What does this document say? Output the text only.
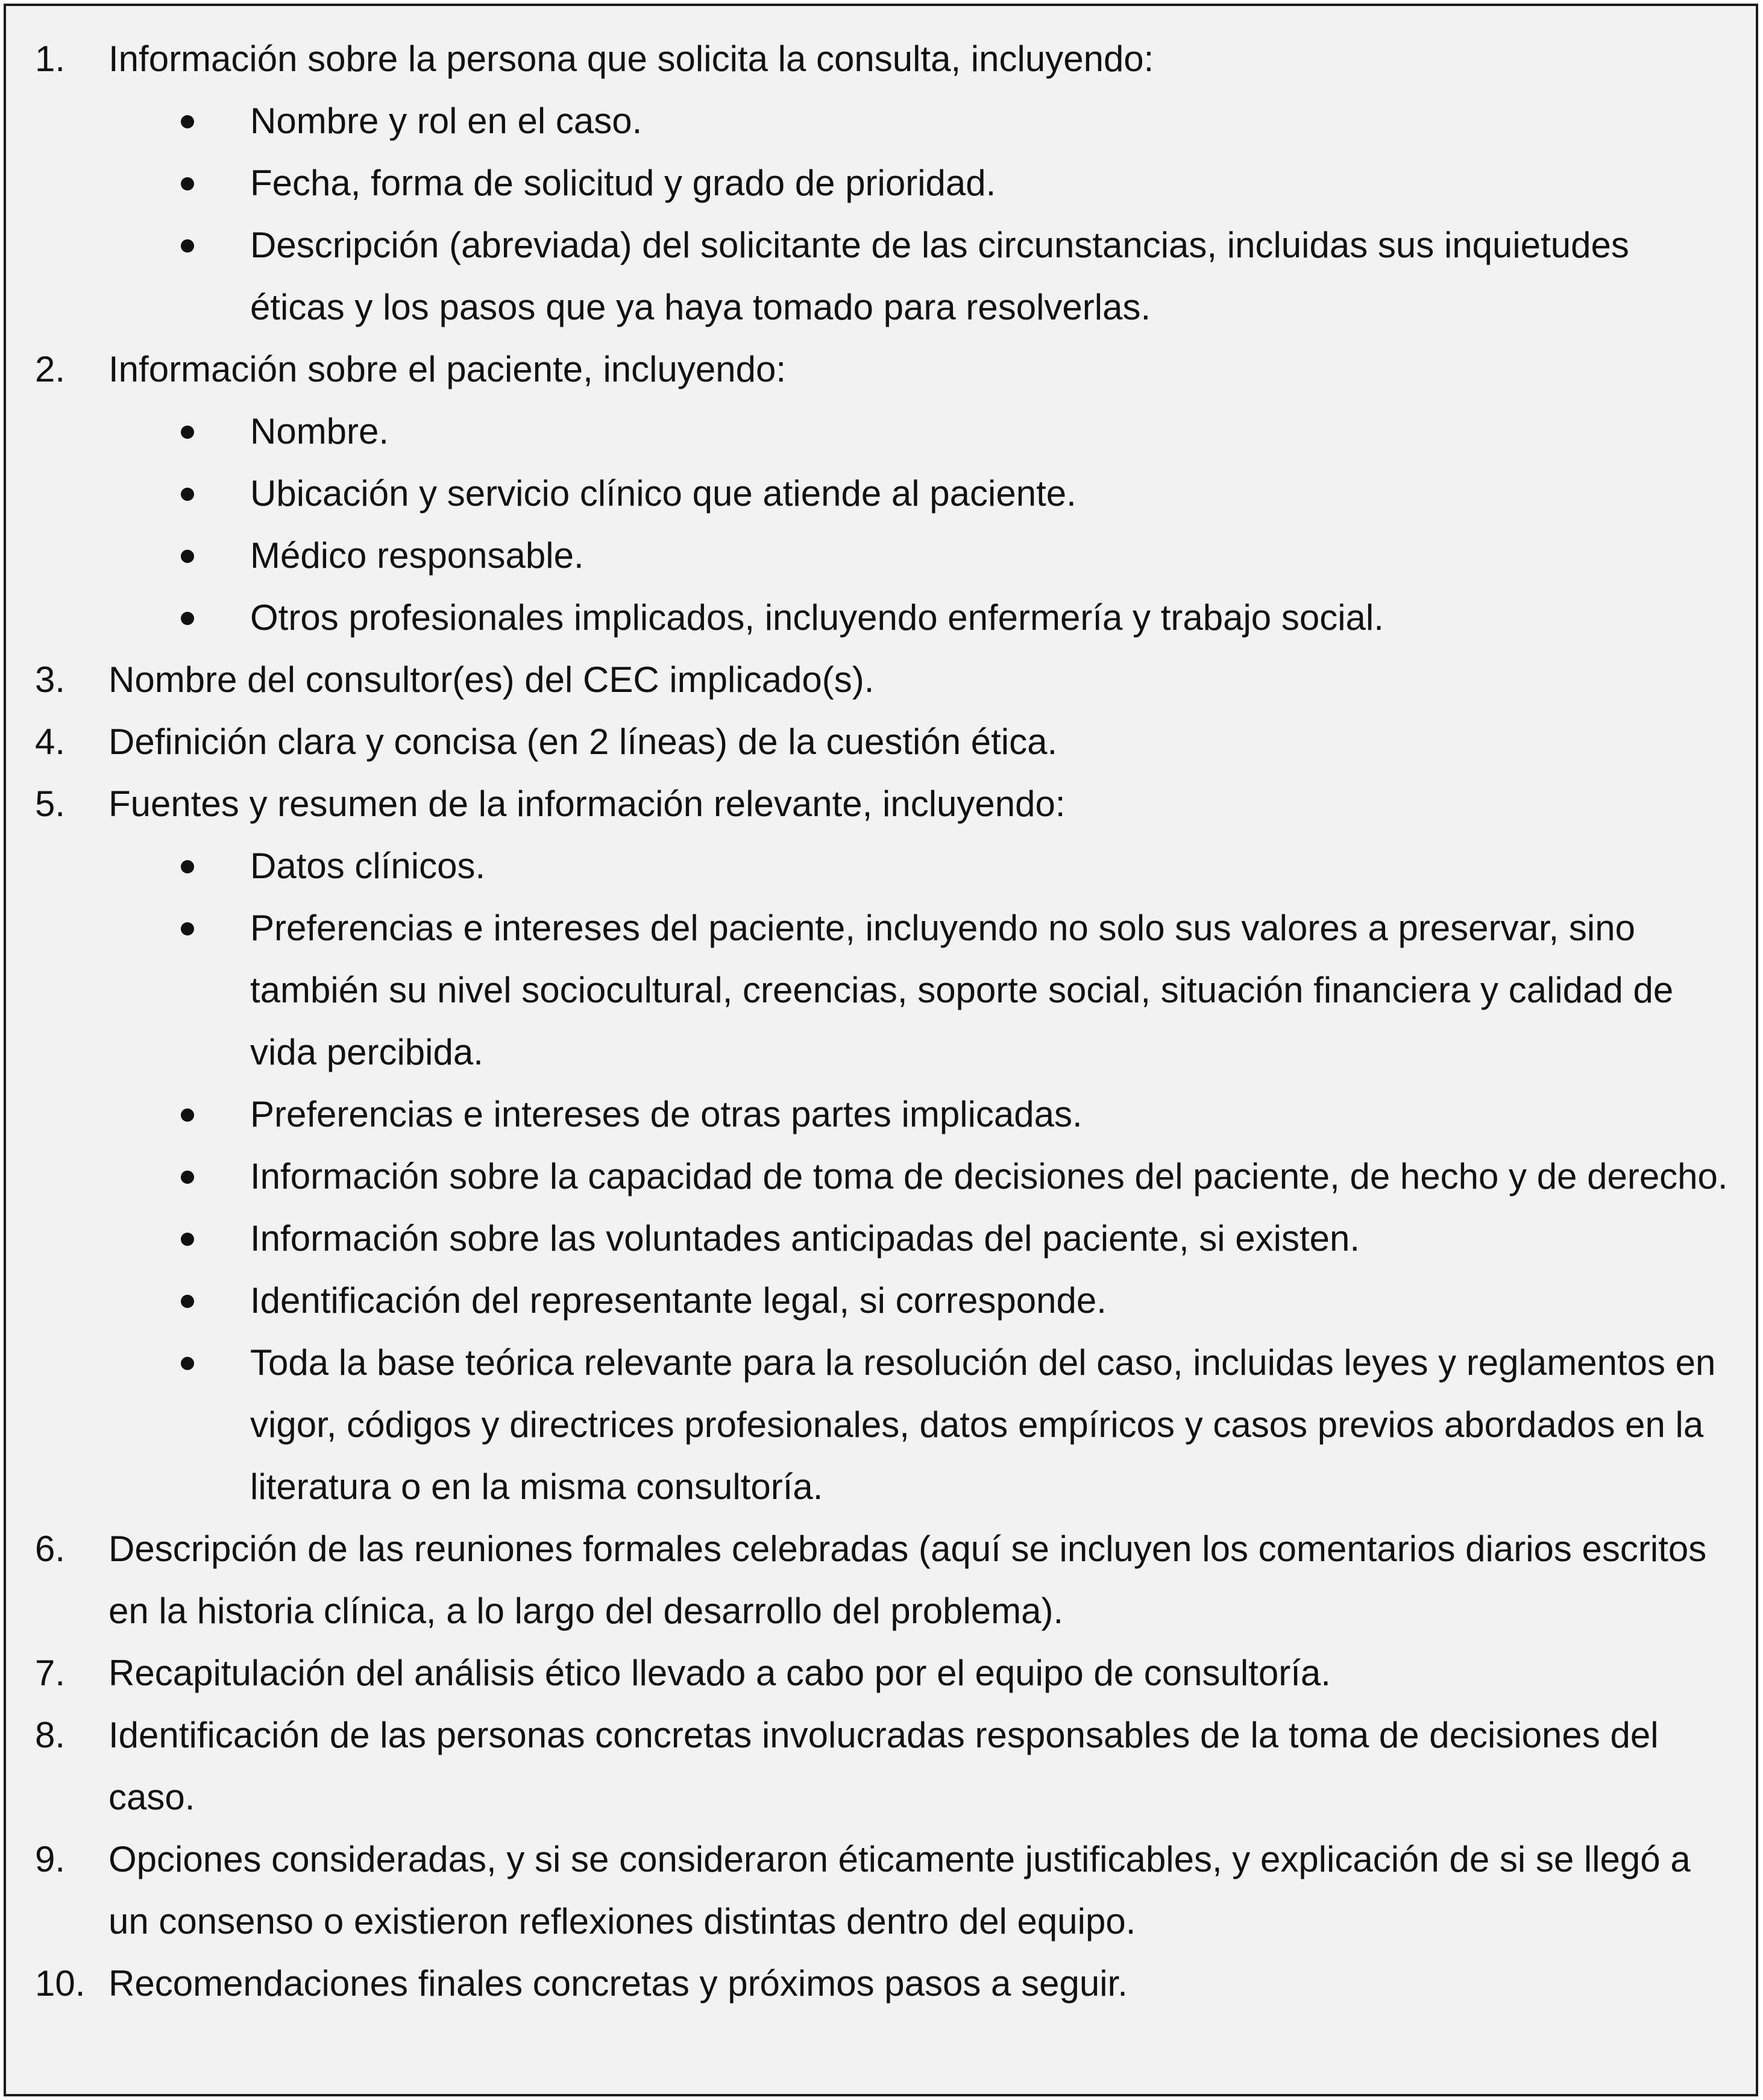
1.	Información sobre la persona que solicita la consulta, incluyendo:
Nombre y rol en el caso.
Fecha, forma de solicitud y grado de prioridad.
Descripción (abreviada) del solicitante de las circunstancias, incluidas sus inquietudes éticas y los pasos que ya haya tomado para resolverlas.
2.	Información sobre el paciente, incluyendo:
Nombre.
Ubicación y servicio clínico que atiende al paciente.
Médico responsable.
Otros profesionales implicados, incluyendo enfermería y trabajo social.
3.	Nombre del consultor(es) del CEC implicado(s).
4.	Definición clara y concisa (en 2 líneas) de la cuestión ética.
5.	Fuentes y resumen de la información relevante, incluyendo:
Datos clínicos.
Preferencias e intereses del paciente, incluyendo no solo sus valores a preservar, sino también su nivel sociocultural, creencias, soporte social, situación financiera y calidad de vida percibida.
Preferencias e intereses de otras partes implicadas.
Información sobre la capacidad de toma de decisiones del paciente, de hecho y de derecho.
Información sobre las voluntades anticipadas del paciente, si existen.
Identificación del representante legal, si corresponde.
Toda la base teórica relevante para la resolución del caso, incluidas leyes y reglamentos en vigor, códigos y directrices profesionales, datos empíricos y casos previos abordados en la literatura o en la misma consultoría.
6.	Descripción de las reuniones formales celebradas (aquí se incluyen los comentarios diarios escritos en la historia clínica, a lo largo del desarrollo del problema).
7.	Recapitulación del análisis ético llevado a cabo por el equipo de consultoría.
8.	Identificación de las personas concretas involucradas responsables de la toma de decisiones del caso.
9.	Opciones consideradas, y si se consideraron éticamente justificables, y explicación de si se llegó a un consenso o existieron reflexiones distintas dentro del equipo.
10. Recomendaciones finales concretas y próximos pasos a seguir.
